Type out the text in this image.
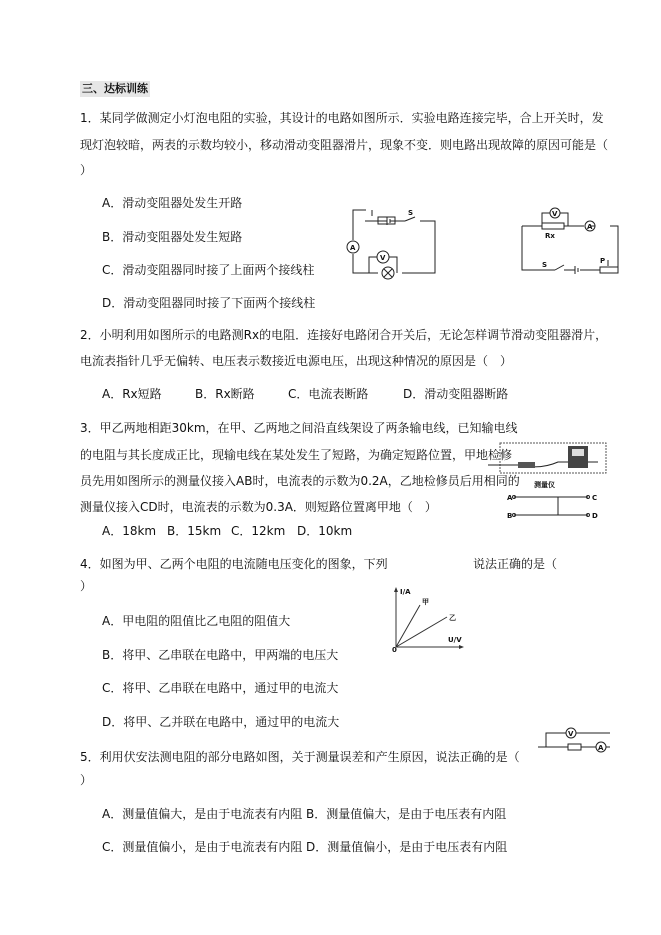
三、达标训练
1．某同学做测定小灯泡电阻的实验，其设计的电路如图所示．实验电路连接完毕，合上开关时，发
现灯泡较暗，两表的示数均较小，移动滑动变阻器滑片，现象不变．则电路出现故障的原因可能是（
）
A．滑动变阻器处发生开路
B．滑动变阻器处发生短路
C．滑动变阻器同时接了上面两个接线柱
D．滑动变阻器同时接了下面两个接线柱
A
V
S	V
A
Rx
S	P
2．小明利用如图所示的电路测Rx的电阻．连接好电路闭合开关后，无论怎样调节滑动变阻器滑片，
电流表指针几乎无偏转、电压表示数接近电源电压，出现这种情况的原因是（　）
A．Rx短路	B．Rx断路	C．电流表断路	D．滑动变阻器断路
3．甲乙两地相距30km，在甲、乙两地之间沿直线架设了两条输电线，已知输电线
的电阻与其长度成正比，现输电线在某处发生了短路，为确定短路位置，甲地检修
员先用如图所示的测量仪接入AB时，电流表的示数为0.2A，乙地检修员后用相同的
测量仪接入CD时，电流表的示数为0.3A．则短路位置离甲地（　）
A．18km B．15km C．12km D．10km
测量仪
A
B
C
D
4．如图为甲、乙两个电阻的电流随电压变化的图象，下列	说法正确的是（
）
A．甲电阻的阻值比乙电阻的阻值大
B．将甲、乙串联在电路中，甲两端的电压大
C．将甲、乙串联在电路中，通过甲的电流大
D．将甲、乙并联在电路中，通过甲的电流大
I/A
甲
乙
U/V
0
5．利用伏安法测电阻的部分电路如图，关于测量误差和产生原因，说法正确的是（
）
A．测量值偏大，是由于电流表有内阻 B．测量值偏大，是由于电压表有内阻
C．测量值偏小，是由于电流表有内阻 D．测量值偏小，是由于电压表有内阻
V
A
